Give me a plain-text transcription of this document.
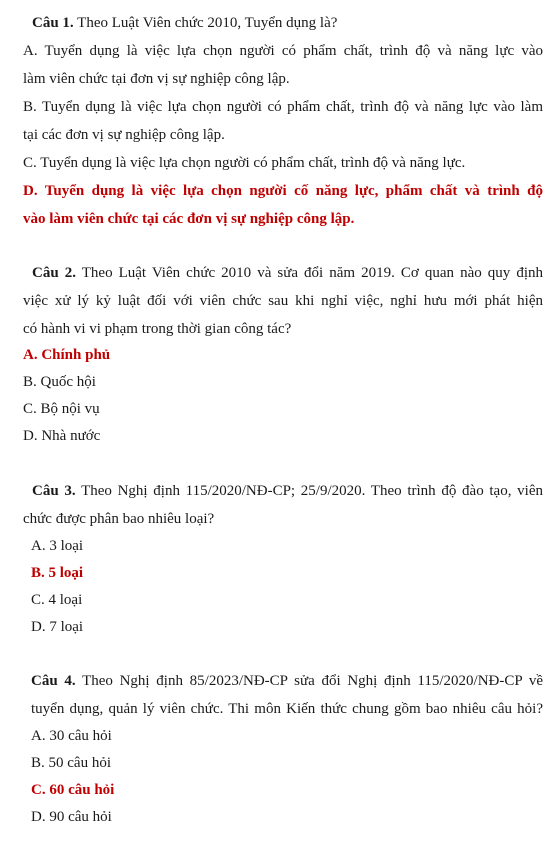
Câu 1. Theo Luật Viên chức 2010, Tuyển dụng là?
A. Tuyển dụng là việc lựa chọn người có phẩm chất, trình độ và năng lực vào
làm viên chức tại đơn vị sự nghiệp công lập.
B. Tuyển dụng là việc lựa chọn người có phẩm chất, trình độ và năng lực vào làm
tại các đơn vị sự nghiệp công lập.
C. Tuyển dụng là việc lựa chọn người có phẩm chất, trình độ và năng lực.
D. Tuyển dụng là việc lựa chọn người cố năng lực, phẩm chất và trình độ
vào làm viên chức tại các đơn vị sự nghiệp công lập.
Câu 2. Theo Luật Viên chức 2010 và sửa đổi năm 2019. Cơ quan nào quy định
việc xử lý kỷ luật đối với viên chức sau khi nghỉ việc, nghỉ hưu mới phát hiện
có hành vi vi phạm trong thời gian công tác?
A. Chính phủ
B. Quốc hội
C. Bộ nội vụ
D. Nhà nước
Câu 3. Theo Nghị định 115/2020/NĐ-CP; 25/9/2020. Theo trình độ đào tạo, viên
chức được phân bao nhiêu loại?
A. 3 loại
B. 5 loại
C. 4 loại
D. 7 loại
Câu 4. Theo Nghị định 85/2023/NĐ-CP sửa đổi Nghị định 115/2020/NĐ-CP về
tuyển dụng, quản lý viên chức. Thi môn Kiến thức chung gồm bao nhiêu câu hỏi?
A. 30 câu hỏi
B. 50 câu hỏi
C. 60 câu hỏi
D. 90 câu hỏi
